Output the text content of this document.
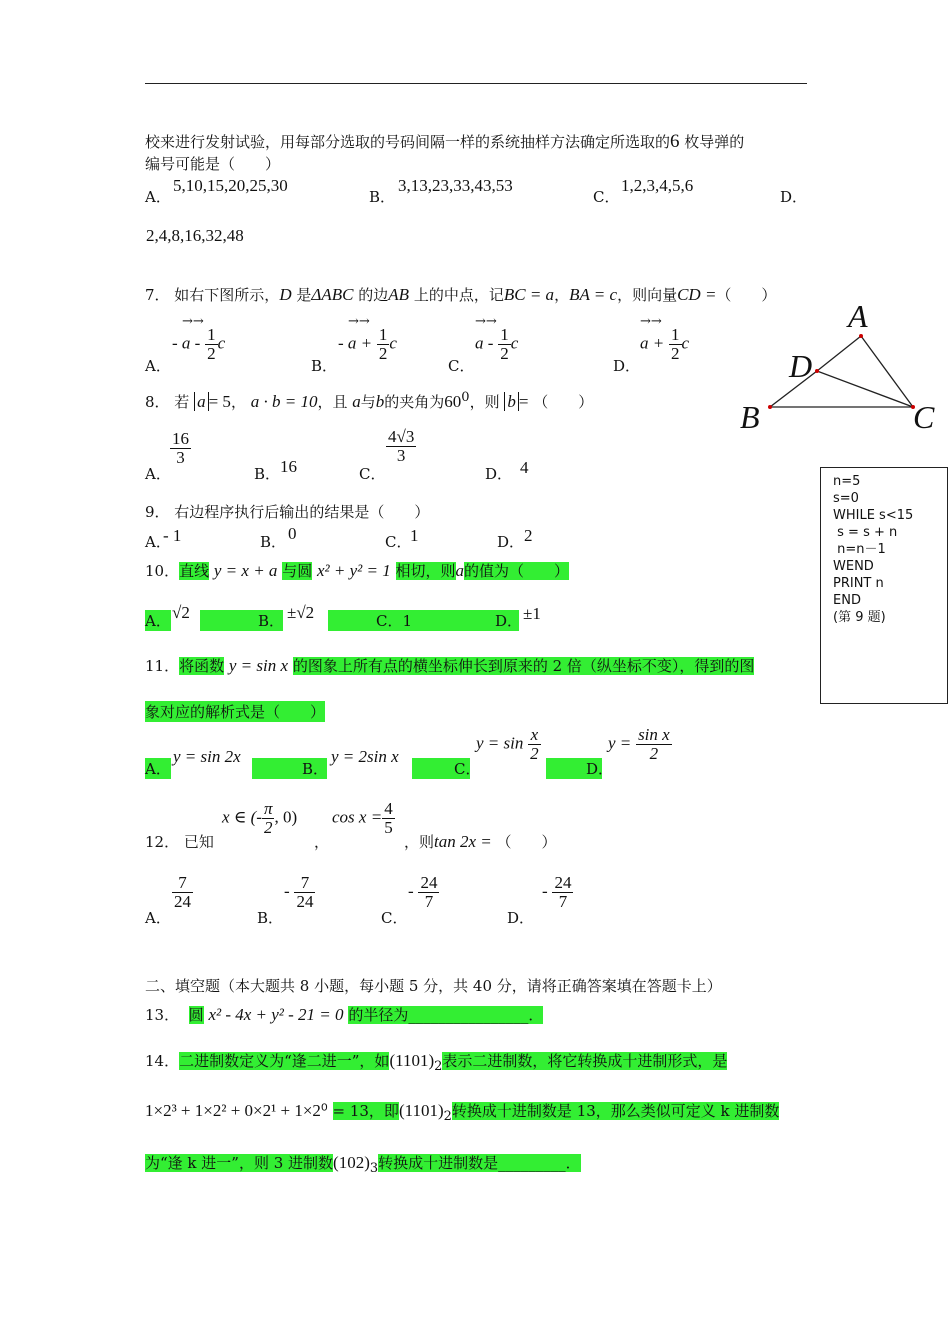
校来进行发射试验，用每部分选取的号码间隔一样的系统抽样方法确定所选取的6 枚导弹的
编号可能是（　　）
A．
5,10,15,20,25,30
B．
3,13,23,33,43,53
C．
1,2,3,4,5,6
D．
2,4,8,16,32,48
7． 如右下图所示，D 是ΔABC 的边AB 上的中点，记BC = a，BA = c，则向量CD =（　　）
A．
→→
- a - $\frac{1}{2}$ c
B．
→→
- $a + \frac{1}{2}$ c
C．
→→
a - $\frac{1}{2}$ c
D．
→→
$a + \frac{1}{2}$ c
A
D
B	C
8． 若 a = 5， a · b = 10，且 a与b的夹角为$60^0$，则 b = （　　）
A．
$\frac{16}{3}$
B． 16	C．
$\frac{4√3}{3}$
D． 4
n=5
s=0
WHILE s<15
s = s + n
n=n－1
WEND
PRINT n
END
(第 9 题)
9． 右边程序执行后输出的结果是（　　）
A．
- 1	B． 0	C．
1	D． 2
10．直线 y = x + a 与圆 x² + y² = 1 相切，则a的值为（　　）
A． √2	B． ±√2	C．1	D． ±1
11．将函数 y = sin x 的图象上所有点的横坐标伸长到原来的 2 倍（纵坐标不变），得到的图
象对应的解析式是（　　）
A．
y = sin 2x
B．
y = 2sin x
C．
$y = \sin \frac{x}{2}$
D．
$y = \frac{\text{sin x}}{2}$
12． 已知
x ∈ (- $\frac{\pi}{2}$ , 0)
，
$\cos x = \frac{4}{5}$
，则tan 2x = （　　）
A．
$\frac{7}{24}$
B．
- $\frac{7}{24}$
C．
- $\frac{24}{7}$
D．
- $\frac{24}{7}$
二、填空题（本大题共 8 小题，每小题 5 分，共 40 分，请将正确答案填在答题卡上）
13． 圆 x² - 4x + y² - 21 = 0 的半径为________________．
14．二进制数定义为“逢二进一”，如$(1101)_2$表示二进制数，将它转换成十进制形式，是
1×2³ + 1×2² + 0×2¹ + 1×2⁰ = 13，即$(1101)_2$转换成十进制数是 13，那么类似可定义 k 进制数
为“逢 k 进一”，则 3 进制数$(102)_3$转换成十进制数是_________．
